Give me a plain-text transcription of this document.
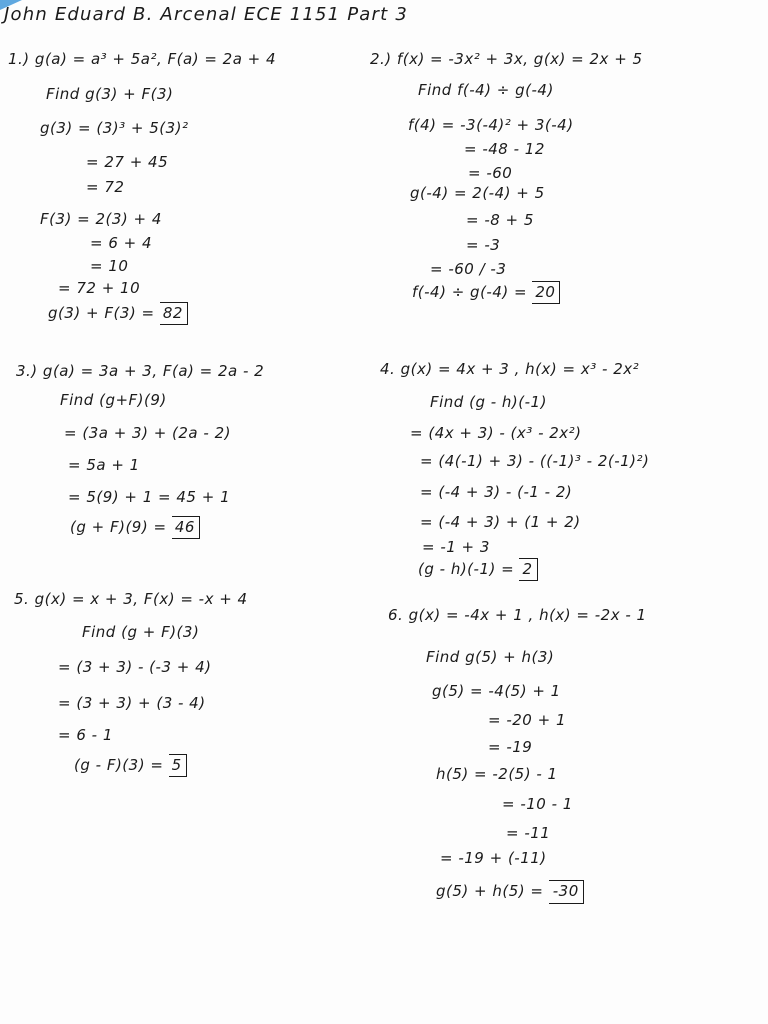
John Eduard B. Arcenal ECE 1151 Part 3
1.) g(a) = a³ + 5a², F(a) = 2a + 4
Find g(3) + F(3)
g(3) = (3)³ + 5(3)²
= 27 + 45
= 72
F(3) = 2(3) + 4
= 6 + 4
= 10
= 72 + 10
g(3) + F(3) = 82
2.) f(x) = -3x² + 3x, g(x) = 2x + 5
Find f(-4) ÷ g(-4)
f(4) = -3(-4)² + 3(-4)
= -48 - 12
= -60
g(-4) = 2(-4) + 5
= -8 + 5
= -3
= -60 / -3
f(-4) ÷ g(-4) = 20
3.) g(a) = 3a + 3, F(a) = 2a - 2
Find (g+F)(9)
= (3a + 3) + (2a - 2)
= 5a + 1
= 5(9) + 1 = 45 + 1
(g + F)(9) = 46
4. g(x) = 4x + 3 , h(x) = x³ - 2x²
Find (g - h)(-1)
= (4x + 3) - (x³ - 2x²)
= (4(-1) + 3) - ((-1)³ - 2(-1)²)
= (-4 + 3) - (-1 - 2)
= (-4 + 3) + (1 + 2)
= -1 + 3
(g - h)(-1) = 2
5. g(x) = x + 3, F(x) = -x + 4
Find (g + F)(3)
= (3 + 3) - (-3 + 4)
= (3 + 3) + (3 - 4)
= 6 - 1
(g - F)(3) = 5
6. g(x) = -4x + 1 , h(x) = -2x - 1
Find g(5) + h(3)
g(5) = -4(5) + 1
= -20 + 1
= -19
h(5) = -2(5) - 1
= -10 - 1
= -11
= -19 + (-11)
g(5) + h(5) = -30
